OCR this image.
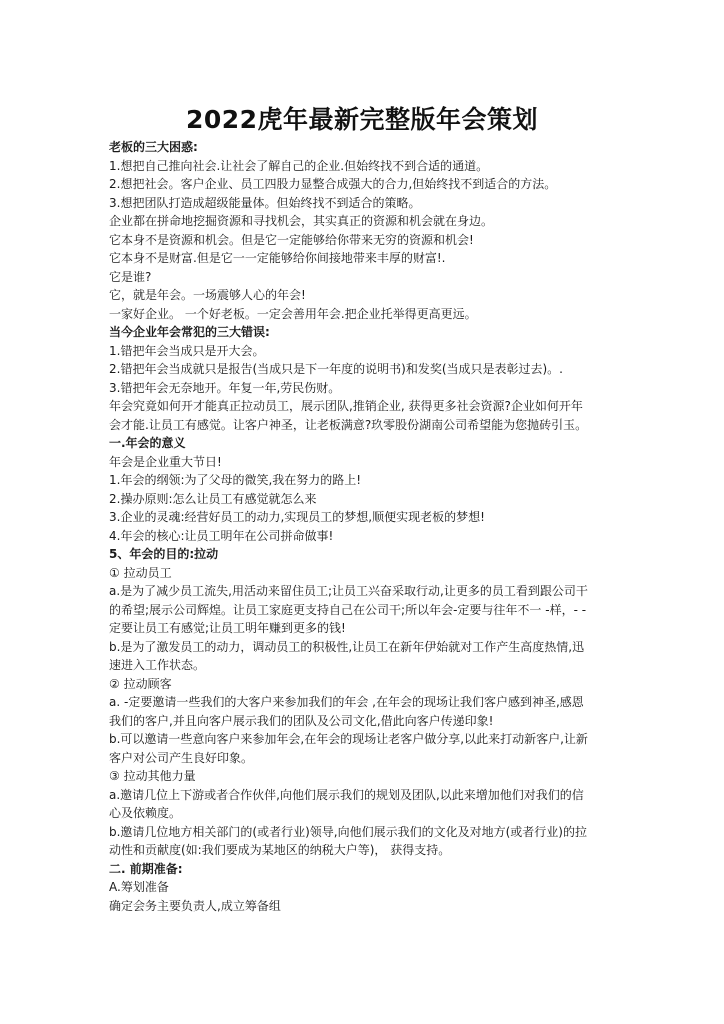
2022虎年最新完整版年会策划
老板的三大困惑:
1.想把自己推向社会.让社会了解自己的企业.但始终找不到合适的通道。
2.想把社会。客户企业、员工四股力显整合成强大的合力,但始终找不到适合的方法。
3.想把团队打造成超级能量体。但始终找不到适合的策略。
企业都在拼命地挖掘资源和寻找机会，其实真正的资源和机会就在身边。
它本身不是资源和机会。但是它一定能够给你带来无穷的资源和机会!
它本身不是财富.但是它一一定能够给你间接地带来丰厚的财富!.
它是谁?
它，就是年会。一场震够人心的年会!
一家好企业。 一个好老板。一定会善用年会.把企业托举得更高更远。
当今企业年会常犯的三大错误:
1.错把年会当成只是开大会。
2.错把年会当成就只是报告(当成只是下一年度的说明书)和发奖(当成只是表彰过去)。.
3.错把年会无奈地开。年复一年,劳民伤财。
年会究竟如何开才能真正拉动员工，展示团队,推销企业, 获得更多社会资源?企业如何开年
会才能.让员工有感觉。让客户神圣，让老板满意?玖零股份湖南公司希望能为您抛砖引玉。
一.年会的意义
年会是企业重大节日!
1.年会的纲领:为了父母的微笑,我在努力的路上!
2.操办原则:怎么让员工有感觉就怎么来
3.企业的灵魂:经营好员工的动力,实现员工的梦想,顺便实现老板的梦想!
4.年会的核心:让员工明年在公司拼命做事!
5、年会的目的:拉动
① 拉动员工
a.是为了减少员工流失,用活动来留住员工;让员工兴奋采取行动,让更多的员工看到跟公司干
的希望;展示公司辉煌。让员工家庭更支持自己在公司干;所以年会-定要与往年不一 -样，- -
定要让员工有感觉;让员工明年赚到更多的钱!
b.是为了激发员工的动力，调动员工的积极性,让员工在新年伊始就对工作产生高度热情,迅
速进入工作状态。
② 拉动顾客
a. -定要邀请一些我们的大客户来参加我们的年会 ,在年会的现场让我们客户感到神圣,感恩
我们的客户,并且向客户展示我们的团队及公司文化,借此向客户传递印象!
b.可以邀请一些意向客户来参加年会,在年会的现场让老客户做分享,以此来打动新客户,让新
客户对公司产生良好印象。
③ 拉动其他力量
a.邀请几位上下游或者合作伙伴,向他们展示我们的规划及团队,以此来增加他们对我们的信
心及依赖度。
b.邀请几位地方相关部门的(或者行业)领导,向他们展示我们的文化及对地方(或者行业)的拉
动性和贡献度(如:我们要成为某地区的纳税大户等)， 获得支持。
二. 前期准备:
A.筹划准备
确定会务主要负责人,成立筹备组
